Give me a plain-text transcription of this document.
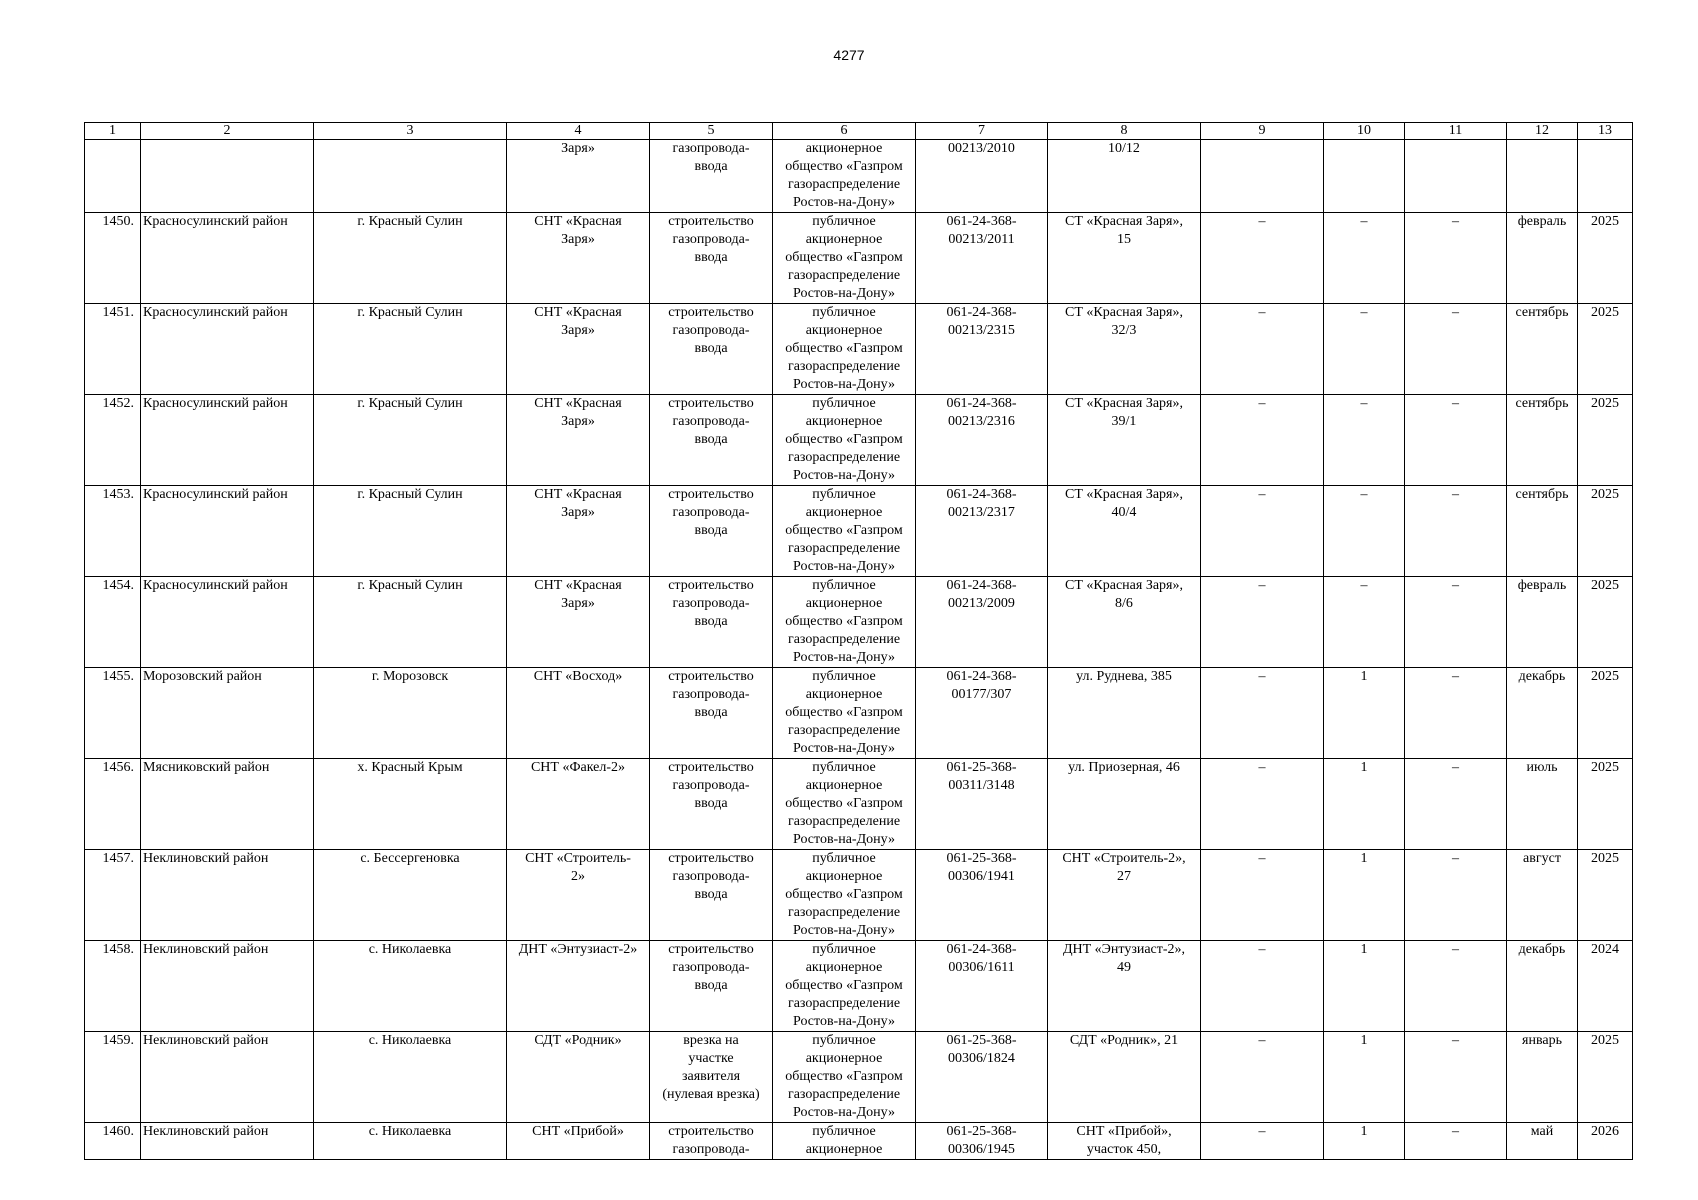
4277
1	2	3	4	5	6	7	8	9	10	11	12	13
			Заря»	газопровода-
ввода	акционерное
общество «Газпром
газораспределение
Ростов-на-Дону»	00213/2010	10/12					
1450.	Красносулинский район	г. Красный Сулин	СНТ «Красная
Заря»	строительство
газопровода-
ввода	публичное
акционерное
общество «Газпром
газораспределение
Ростов-на-Дону»	061-24-368-
00213/2011	СТ «Красная Заря»,
15	–	–	–	февраль	2025
1451.	Красносулинский район	г. Красный Сулин	СНТ «Красная
Заря»	строительство
газопровода-
ввода	публичное
акционерное
общество «Газпром
газораспределение
Ростов-на-Дону»	061-24-368-
00213/2315	СТ «Красная Заря»,
32/3	–	–	–	сентябрь	2025
1452.	Красносулинский район	г. Красный Сулин	СНТ «Красная
Заря»	строительство
газопровода-
ввода	публичное
акционерное
общество «Газпром
газораспределение
Ростов-на-Дону»	061-24-368-
00213/2316	СТ «Красная Заря»,
39/1	–	–	–	сентябрь	2025
1453.	Красносулинский район	г. Красный Сулин	СНТ «Красная
Заря»	строительство
газопровода-
ввода	публичное
акционерное
общество «Газпром
газораспределение
Ростов-на-Дону»	061-24-368-
00213/2317	СТ «Красная Заря»,
40/4	–	–	–	сентябрь	2025
1454.	Красносулинский район	г. Красный Сулин	СНТ «Красная
Заря»	строительство
газопровода-
ввода	публичное
акционерное
общество «Газпром
газораспределение
Ростов-на-Дону»	061-24-368-
00213/2009	СТ «Красная Заря»,
8/6	–	–	–	февраль	2025
1455.	Морозовский район	г. Морозовск	СНТ «Восход»	строительство
газопровода-
ввода	публичное
акционерное
общество «Газпром
газораспределение
Ростов-на-Дону»	061-24-368-
00177/307	ул. Руднева, 385	–	1	–	декабрь	2025
1456.	Мясниковский район	х. Красный Крым	СНТ «Факел-2»	строительство
газопровода-
ввода	публичное
акционерное
общество «Газпром
газораспределение
Ростов-на-Дону»	061-25-368-
00311/3148	ул. Приозерная, 46	–	1	–	июль	2025
1457.	Неклиновский район	с. Бессергеновка	СНТ «Строитель-
2»	строительство
газопровода-
ввода	публичное
акционерное
общество «Газпром
газораспределение
Ростов-на-Дону»	061-25-368-
00306/1941	СНТ «Строитель-2»,
27	–	1	–	август	2025
1458.	Неклиновский район	с. Николаевка	ДНТ «Энтузиаст-2»	строительство
газопровода-
ввода	публичное
акционерное
общество «Газпром
газораспределение
Ростов-на-Дону»	061-24-368-
00306/1611	ДНТ «Энтузиаст-2»,
49	–	1	–	декабрь	2024
1459.	Неклиновский район	с. Николаевка	СДТ «Родник»	врезка на
участке
заявителя
(нулевая врезка)	публичное
акционерное
общество «Газпром
газораспределение
Ростов-на-Дону»	061-25-368-
00306/1824	СДТ «Родник», 21	–	1	–	январь	2025
1460.	Неклиновский район	с. Николаевка	СНТ «Прибой»	строительство
газопровода-	публичное
акционерное	061-25-368-
00306/1945	СНТ «Прибой»,
участок 450,	–	1	–	май	2026
